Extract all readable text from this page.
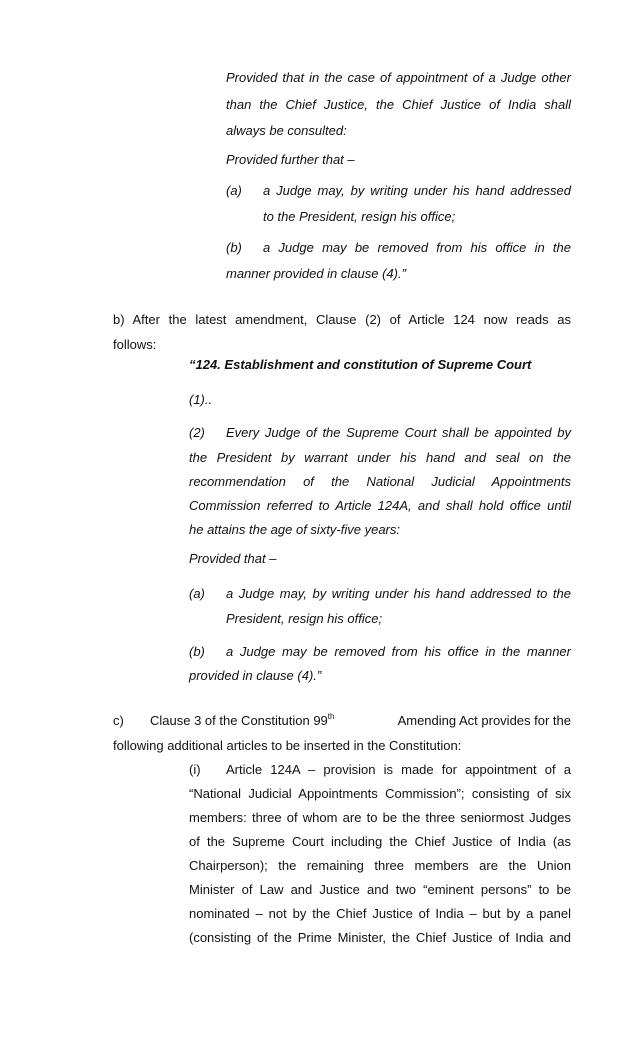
Provided that in the case of appointment of a Judge other
than the Chief Justice, the Chief Justice of India shall
always be consulted:
Provided further that –
(a) a Judge may, by writing under his hand addressed
to the President, resign his office;
(b) a Judge may be removed from his office in the
manner provided in clause (4).”
b) After the latest amendment, Clause (2) of Article 124 now reads as
follows:
“124. Establishment and constitution of Supreme Court
(1)..
(2) Every Judge of the Supreme Court shall be appointed by
the President by warrant under his hand and seal on the
recommendation of the National Judicial Appointments
Commission referred to Article 124A, and shall hold office until
he attains the age of sixty-five years:
Provided that –
(a) a Judge may, by writing under his hand addressed to the
President, resign his office;
(b) a Judge may be removed from his office in the manner
provided in clause (4).”
c) Clause 3 of the Constitution 99th	Amending Act provides for the
following additional articles to be inserted in the Constitution:
(i) Article 124A – provision is made for appointment of a
“National Judicial Appointments Commission”; consisting of six
members: three of whom are to be the three seniormost Judges
of the Supreme Court including the Chief Justice of India (as
Chairperson); the remaining three members are the Union
Minister of Law and Justice and two “eminent persons” to be
nominated – not by the Chief Justice of India – but by a panel
(consisting of the Prime Minister, the Chief Justice of India and
